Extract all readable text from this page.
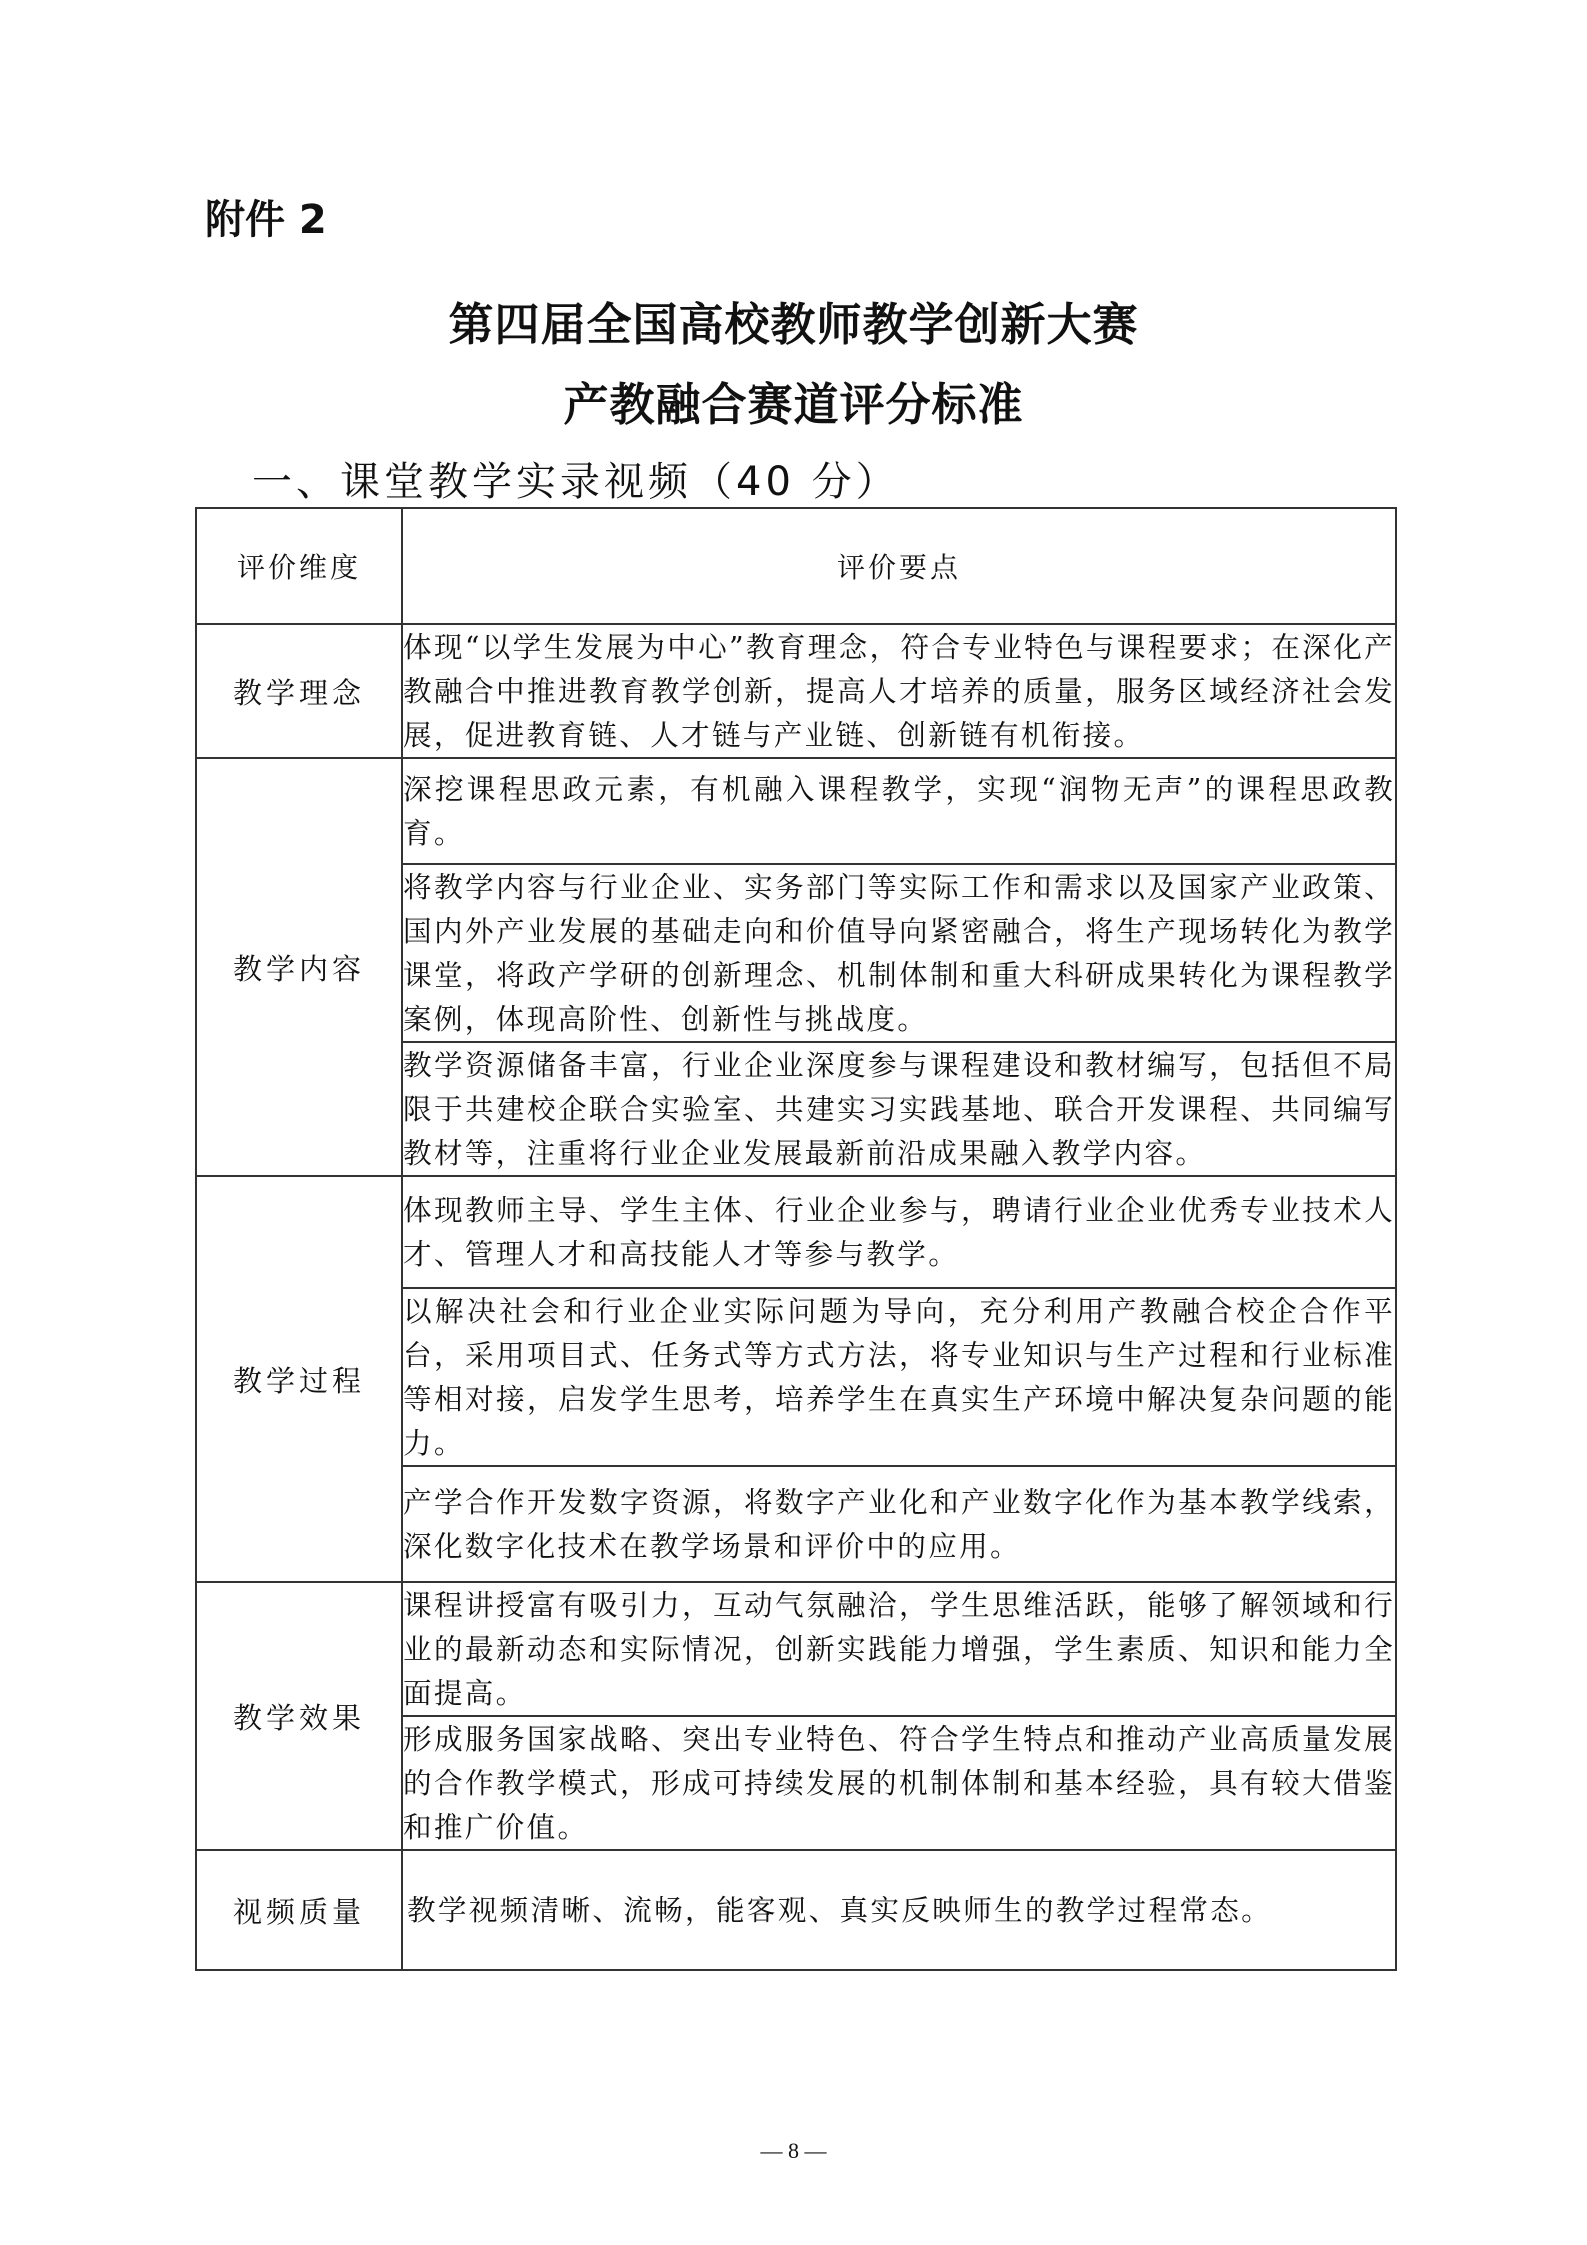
附件 2
第四届全国高校教师教学创新大赛
产教融合赛道评分标准
一、课堂教学实录视频（40 分）
评价维度	评价要点
教学理念	体现“以学生发展为中心”教育理念，符合专业特色与课程要求；在深化产教融合中推进教育教学创新，提高人才培养的质量，服务区域经济社会发展，促进教育链、人才链与产业链、创新链有机衔接。
教学内容	深挖课程思政元素，有机融入课程教学，实现“润物无声”的课程思政教育。
	将教学内容与行业企业、实务部门等实际工作和需求以及国家产业政策、国内外产业发展的基础走向和价值导向紧密融合，将生产现场转化为教学课堂，将政产学研的创新理念、机制体制和重大科研成果转化为课程教学案例，体现高阶性、创新性与挑战度。
	教学资源储备丰富，行业企业深度参与课程建设和教材编写，包括但不局限于共建校企联合实验室、共建实习实践基地、联合开发课程、共同编写教材等，注重将行业企业发展最新前沿成果融入教学内容。
教学过程	体现教师主导、学生主体、行业企业参与，聘请行业企业优秀专业技术人才、管理人才和高技能人才等参与教学。
	以解决社会和行业企业实际问题为导向，充分利用产教融合校企合作平台，采用项目式、任务式等方式方法，将专业知识与生产过程和行业标准等相对接，启发学生思考，培养学生在真实生产环境中解决复杂问题的能力。
	产学合作开发数字资源，将数字产业化和产业数字化作为基本教学线索，深化数字化技术在教学场景和评价中的应用。
教学效果	课程讲授富有吸引力，互动气氛融洽，学生思维活跃，能够了解领域和行业的最新动态和实际情况，创新实践能力增强，学生素质、知识和能力全面提高。
	形成服务国家战略、突出专业特色、符合学生特点和推动产业高质量发展的合作教学模式，形成可持续发展的机制体制和基本经验，具有较大借鉴和推广价值。
视频质量	教学视频清晰、流畅，能客观、真实反映师生的教学过程常态。
— 8 —
